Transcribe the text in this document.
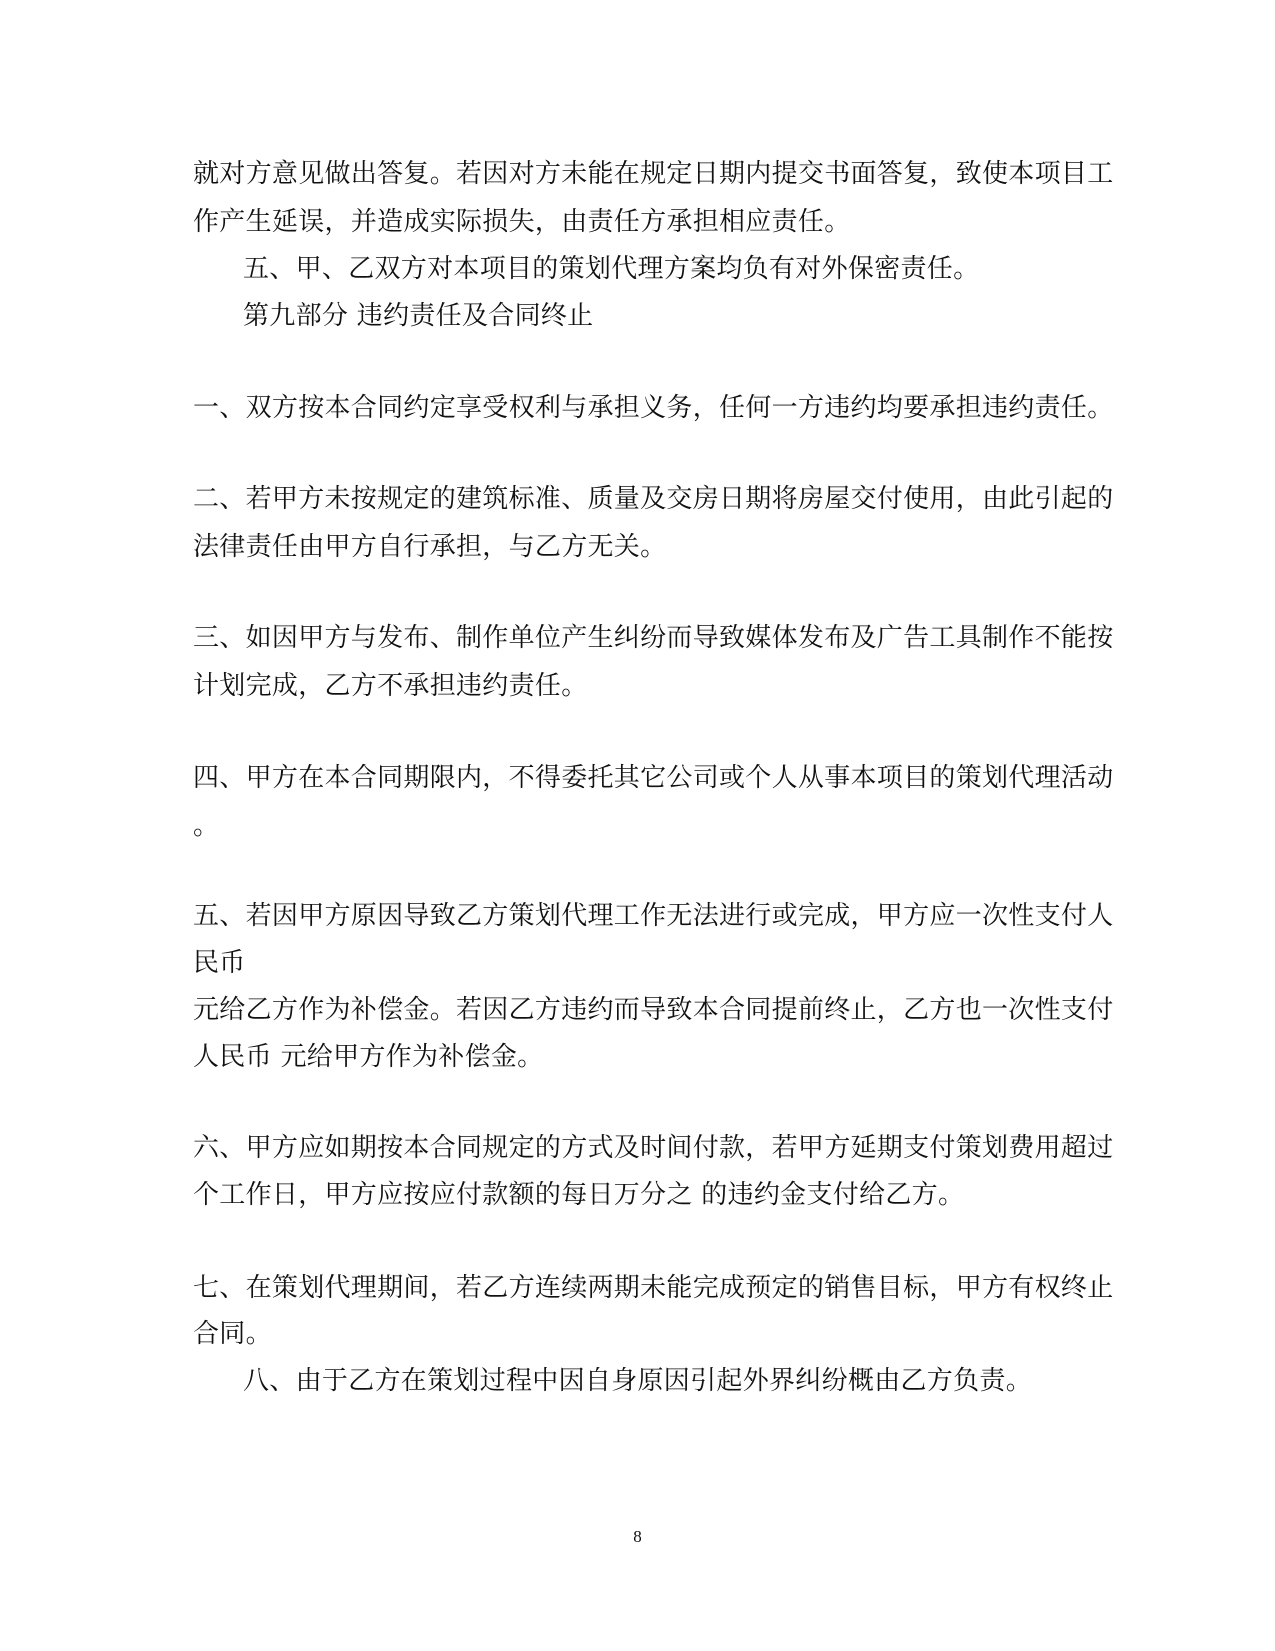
就对方意见做出答复。若因对方未能在规定日期内提交书面答复，致使本项目工
作产生延误，并造成实际损失，由责任方承担相应责任。
五、甲、乙双方对本项目的策划代理方案均负有对外保密责任。
第九部分 违约责任及合同终止
一、双方按本合同约定享受权利与承担义务，任何一方违约均要承担违约责任。
二、若甲方未按规定的建筑标准、质量及交房日期将房屋交付使用，由此引起的
法律责任由甲方自行承担，与乙方无关。
三、如因甲方与发布、制作单位产生纠纷而导致媒体发布及广告工具制作不能按
计划完成，乙方不承担违约责任。
四、甲方在本合同期限内，不得委托其它公司或个人从事本项目的策划代理活动
。
五、若因甲方原因导致乙方策划代理工作无法进行或完成，甲方应一次性支付人
民币
元给乙方作为补偿金。若因乙方违约而导致本合同提前终止，乙方也一次性支付
人民币 元给甲方作为补偿金。
六、甲方应如期按本合同规定的方式及时间付款，若甲方延期支付策划费用超过
个工作日，甲方应按应付款额的每日万分之 的违约金支付给乙方。
七、在策划代理期间，若乙方连续两期未能完成预定的销售目标，甲方有权终止
合同。
八、由于乙方在策划过程中因自身原因引起外界纠纷概由乙方负责。
8
